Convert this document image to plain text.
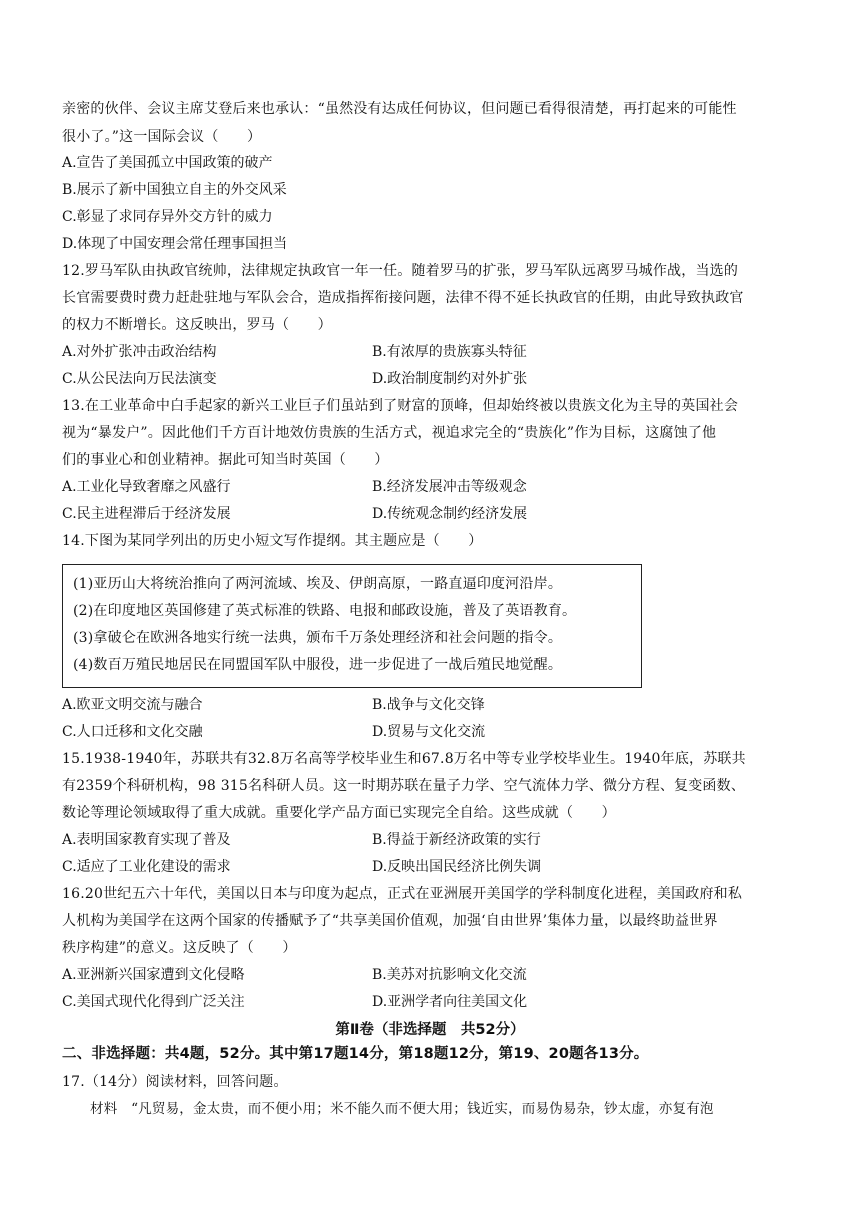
亲密的伙伴、会议主席艾登后来也承认：“虽然没有达成任何协议，但问题已看得很清楚，再打起来的可能性
很小了。”这一国际会议（　　）
A.宣告了美国孤立中国政策的破产
B.展示了新中国独立自主的外交风采
C.彰显了求同存异外交方针的威力
D.体现了中国安理会常任理事国担当
12.罗马军队由执政官统帅，法律规定执政官一年一任。随着罗马的扩张，罗马军队远离罗马城作战，当选的
长官需要费时费力赶赴驻地与军队会合，造成指挥衔接问题，法律不得不延长执政官的任期，由此导致执政官
的权力不断增长。这反映出，罗马（　　）
A.对外扩张冲击政治结构	B.有浓厚的贵族寡头特征
C.从公民法向万民法演变	D.政治制度制约对外扩张
13.在工业革命中白手起家的新兴工业巨子们虽站到了财富的顶峰，但却始终被以贵族文化为主导的英国社会
视为“暴发户”。因此他们千方百计地效仿贵族的生活方式，视追求完全的“贵族化”作为目标，这腐蚀了他
们的事业心和创业精神。据此可知当时英国（　　）
A.工业化导致奢靡之风盛行	B.经济发展冲击等级观念
C.民主进程滞后于经济发展	D.传统观念制约经济发展
14.下图为某同学列出的历史小短文写作提纲。其主题应是（　　）
(1)亚历山大将统治推向了两河流域、埃及、伊朗高原，一路直逼印度河沿岸。
(2)在印度地区英国修建了英式标准的铁路、电报和邮政设施，普及了英语教育。
(3)拿破仑在欧洲各地实行统一法典，颁布千万条处理经济和社会问题的指令。
(4)数百万殖民地居民在同盟国军队中服役，进一步促进了一战后殖民地觉醒。
A.欧亚文明交流与融合	B.战争与文化交锋
C.人口迁移和文化交融	D.贸易与文化交流
15.1938-1940年，苏联共有32.8万名高等学校毕业生和67.8万名中等专业学校毕业生。1940年底，苏联共
有2359个科研机构，98 315名科研人员。这一时期苏联在量子力学、空气流体力学、微分方程、复变函数、
数论等理论领域取得了重大成就。重要化学产品方面已实现完全自给。这些成就（　　）
A.表明国家教育实现了普及	B.得益于新经济政策的实行
C.适应了工业化建设的需求	D.反映出国民经济比例失调
16.20世纪五六十年代，美国以日本与印度为起点，正式在亚洲展开美国学的学科制度化进程，美国政府和私
人机构为美国学在这两个国家的传播赋予了“共享美国价值观，加强‘自由世界’集体力量，以最终助益世界
秩序构建”的意义。这反映了（　　）
A.亚洲新兴国家遭到文化侵略	B.美苏对抗影响文化交流
C.美国式现代化得到广泛关注	D.亚洲学者向往美国文化
第Ⅱ卷（非选择题　共52分）
二、非选择题：共4题，52分。其中第17题14分，第18题12分，第19、20题各13分。
17.（14分）阅读材料，回答问题。
材料　“凡贸易，金太贵，而不便小用；米不能久而不便大用；钱近实，而易伪易杂，钞太虚，亦复有泡
